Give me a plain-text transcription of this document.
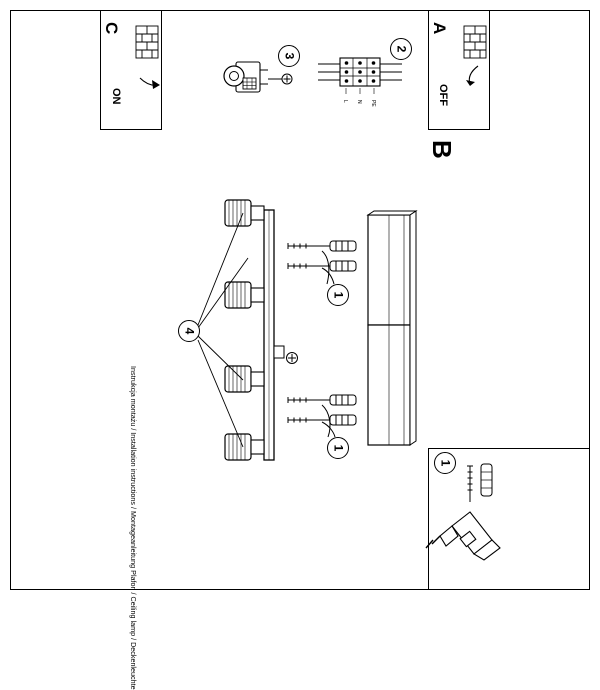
L N PE
A
OFF
C
ON
B
Instrukcja montażu / Installation instructions / Montageanleitung Plafon / Ceiling lamp / Deckenleuchte
1
1
2
3
4
1
